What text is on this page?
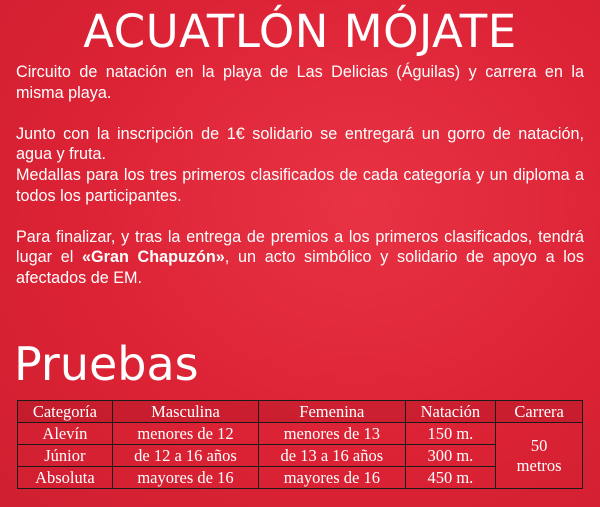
ACUATLÓN MÓJATE

Circuito de natación en la playa de Las Delicias (Águilas) y carrera en la misma playa.

Junto con la inscripción de 1€ solidario se entregará un gorro de natación, agua y fruta.

Medallas para los tres primeros clasificados de cada categoría y un diploma a todos los participantes.

Para finalizar, y tras la entrega de premios a los primeros clasificados, tendrá lugar el «Gran Chapuzón», un acto simbólico y solidario de apoyo a los afectados de EM.

Pruebas
Categoría	Masculina	Femenina	Natación	Carrera
Alevín	menores de 12	menores de 13	150 m.	50
metros
Júnior	de 12 a 16 años	de 13 a 16 años	300 m.	
Absoluta	mayores de 16	mayores de 16	450 m.	
